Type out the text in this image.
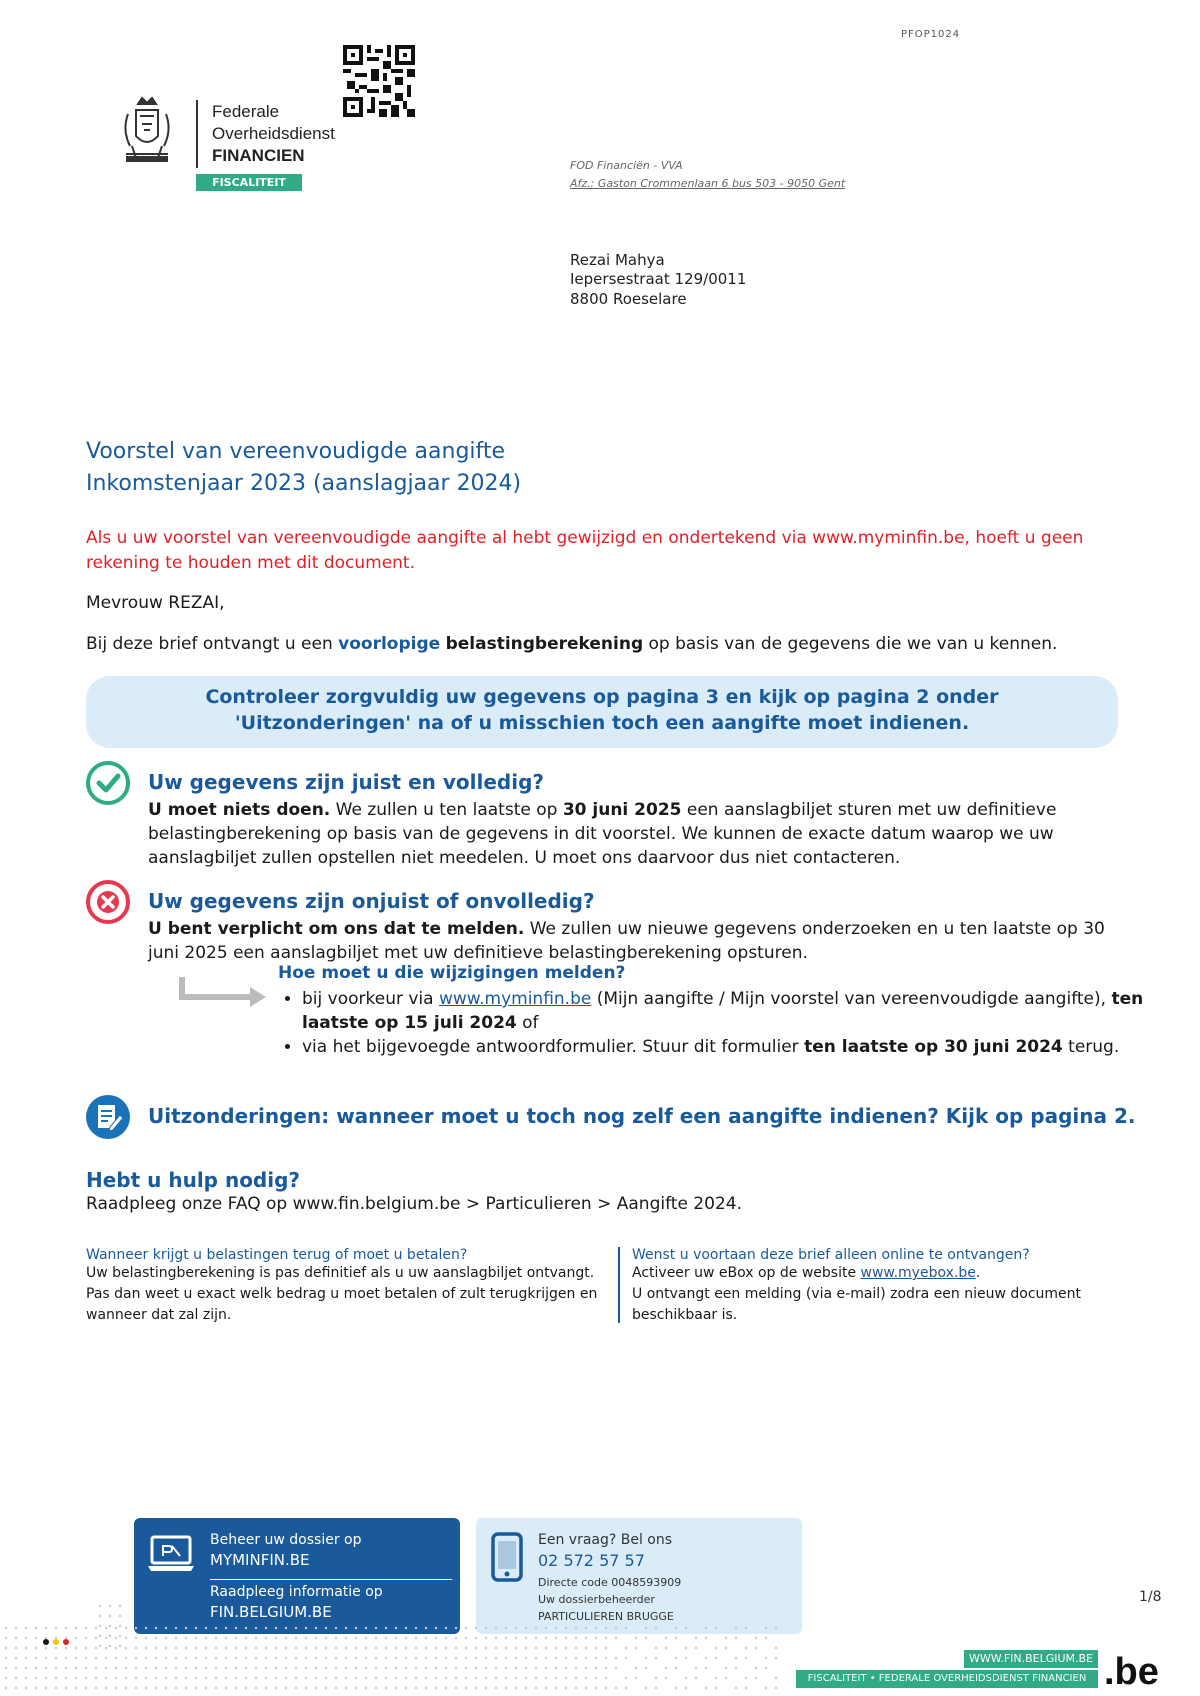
PFOP1024
Federale
Overheidsdienst
FINANCIEN
FISCALITEIT
FOD Financiën - VVA
Afz.: Gaston Crommenlaan 6 bus 503 - 9050 Gent
Rezai Mahya
Iepersestraat 129/0011
8800 Roeselare
Voorstel van vereenvoudigde aangifte
Inkomstenjaar 2023 (aanslagjaar 2024)
Als u uw voorstel van vereenvoudigde aangifte al hebt gewijzigd en ondertekend via www.myminfin.be, hoeft u geen rekening te houden met dit document.
Mevrouw REZAI,
Bij deze brief ontvangt u een voorlopige belastingberekening op basis van de gegevens die we van u kennen.
Controleer zorgvuldig uw gegevens op pagina 3 en kijk op pagina 2 onder
'Uitzonderingen' na of u misschien toch een aangifte moet indienen.
Uw gegevens zijn juist en volledig?
U moet niets doen. We zullen u ten laatste op 30 juni 2025 een aanslagbiljet sturen met uw definitieve belastingberekening op basis van de gegevens in dit voorstel. We kunnen de exacte datum waarop we uw aanslagbiljet zullen opstellen niet meedelen. U moet ons daarvoor dus niet contacteren.
Uw gegevens zijn onjuist of onvolledig?
U bent verplicht om ons dat te melden. We zullen uw nieuwe gegevens onderzoeken en u ten laatste op 30 juni 2025 een aanslagbiljet met uw definitieve belastingberekening opsturen.
Hoe moet u die wijzigingen melden?
• bij voorkeur via www.myminfin.be (Mijn aangifte / Mijn voorstel van vereenvoudigde aangifte), ten laatste op 15 juli 2024 of
• via het bijgevoegde antwoordformulier. Stuur dit formulier ten laatste op 30 juni 2024 terug.
Uitzonderingen: wanneer moet u toch nog zelf een aangifte indienen? Kijk op pagina 2.
Hebt u hulp nodig?
Raadpleeg onze FAQ op www.fin.belgium.be > Particulieren > Aangifte 2024.
Wanneer krijgt u belastingen terug of moet u betalen?
Uw belastingberekening is pas definitief als u uw aanslagbiljet ontvangt. Pas dan weet u exact welk bedrag u moet betalen of zult terugkrijgen en wanneer dat zal zijn.
Wenst u voortaan deze brief alleen online te ontvangen?
Activeer uw eBox op de website www.myebox.be.
U ontvangt een melding (via e-mail) zodra een nieuw document beschikbaar is.
Beheer uw dossier op
MYMINFIN.BE
Raadpleeg informatie op
FIN.BELGIUM.BE
Een vraag? Bel ons
02 572 57 57
Directe code 0048593909
Uw dossierbeheerder
PARTICULIEREN BRUGGE
1/8
WWW.FIN.BELGIUM.BE
FISCALITEIT • FEDERALE OVERHEIDSDIENST FINANCIEN .be
